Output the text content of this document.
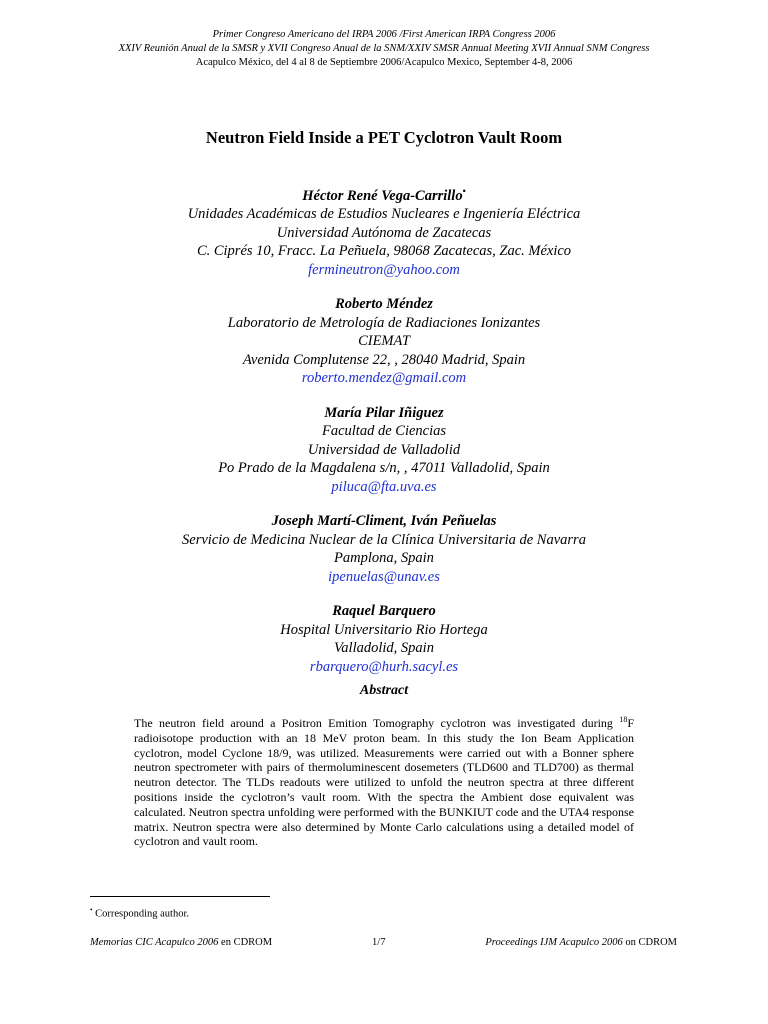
Primer Congreso Americano del IRPA 2006 /First American IRPA Congress 2006
XXIV Reunión Anual de la SMSR y XVII Congreso Anual de la SNM/XXIV SMSR Annual Meeting XVII Annual SNM Congress
Acapulco México, del 4 al 8 de Septiembre 2006/Acapulco Mexico, September 4-8, 2006
Neutron Field Inside a PET Cyclotron Vault Room
Héctor René Vega-Carrillo•
Unidades Académicas de Estudios Nucleares e Ingeniería Eléctrica
Universidad Autónoma de Zacatecas
C. Ciprés 10, Fracc. La Peñuela, 98068 Zacatecas, Zac. México
fermineutron@yahoo.com
Roberto Méndez
Laboratorio de Metrología de Radiaciones Ionizantes
CIEMAT
Avenida Complutense 22, , 28040 Madrid, Spain
roberto.mendez@gmail.com
María Pilar Iñiguez
Facultad de Ciencias
Universidad de Valladolid
Po Prado de la Magdalena s/n, , 47011 Valladolid, Spain
piluca@fta.uva.es
Joseph Martí-Climent, Iván Peñuelas
Servicio de Medicina Nuclear de la Clínica Universitaria de Navarra
Pamplona, Spain
ipenuelas@unav.es
Raquel Barquero
Hospital Universitario Rio Hortega
Valladolid, Spain
rbarquero@hurh.sacyl.es
Abstract
The neutron field around a Positron Emition Tomography cyclotron was investigated during $^{18}$F radioisotope production with an 18 MeV proton beam. In this study the Ion Beam Application cyclotron, model Cyclone 18/9, was utilized. Measurements were carried out with a Bonner sphere neutron spectrometer with pairs of thermoluminescent dosemeters (TLD600 and TLD700) as thermal neutron detector. The TLDs readouts were utilized to unfold the neutron spectra at three different positions inside the cyclotron’s vault room. With the spectra the Ambient dose equivalent was calculated. Neutron spectra unfolding were performed with the BUNKIUT code and the UTA4 response matrix. Neutron spectra were also determined by Monte Carlo calculations using a detailed model of cyclotron and vault room.
• Corresponding author.
Memorias CIC Acapulco 2006 en CDROM	1/7	Proceedings IJM Acapulco 2006 on CDROM
